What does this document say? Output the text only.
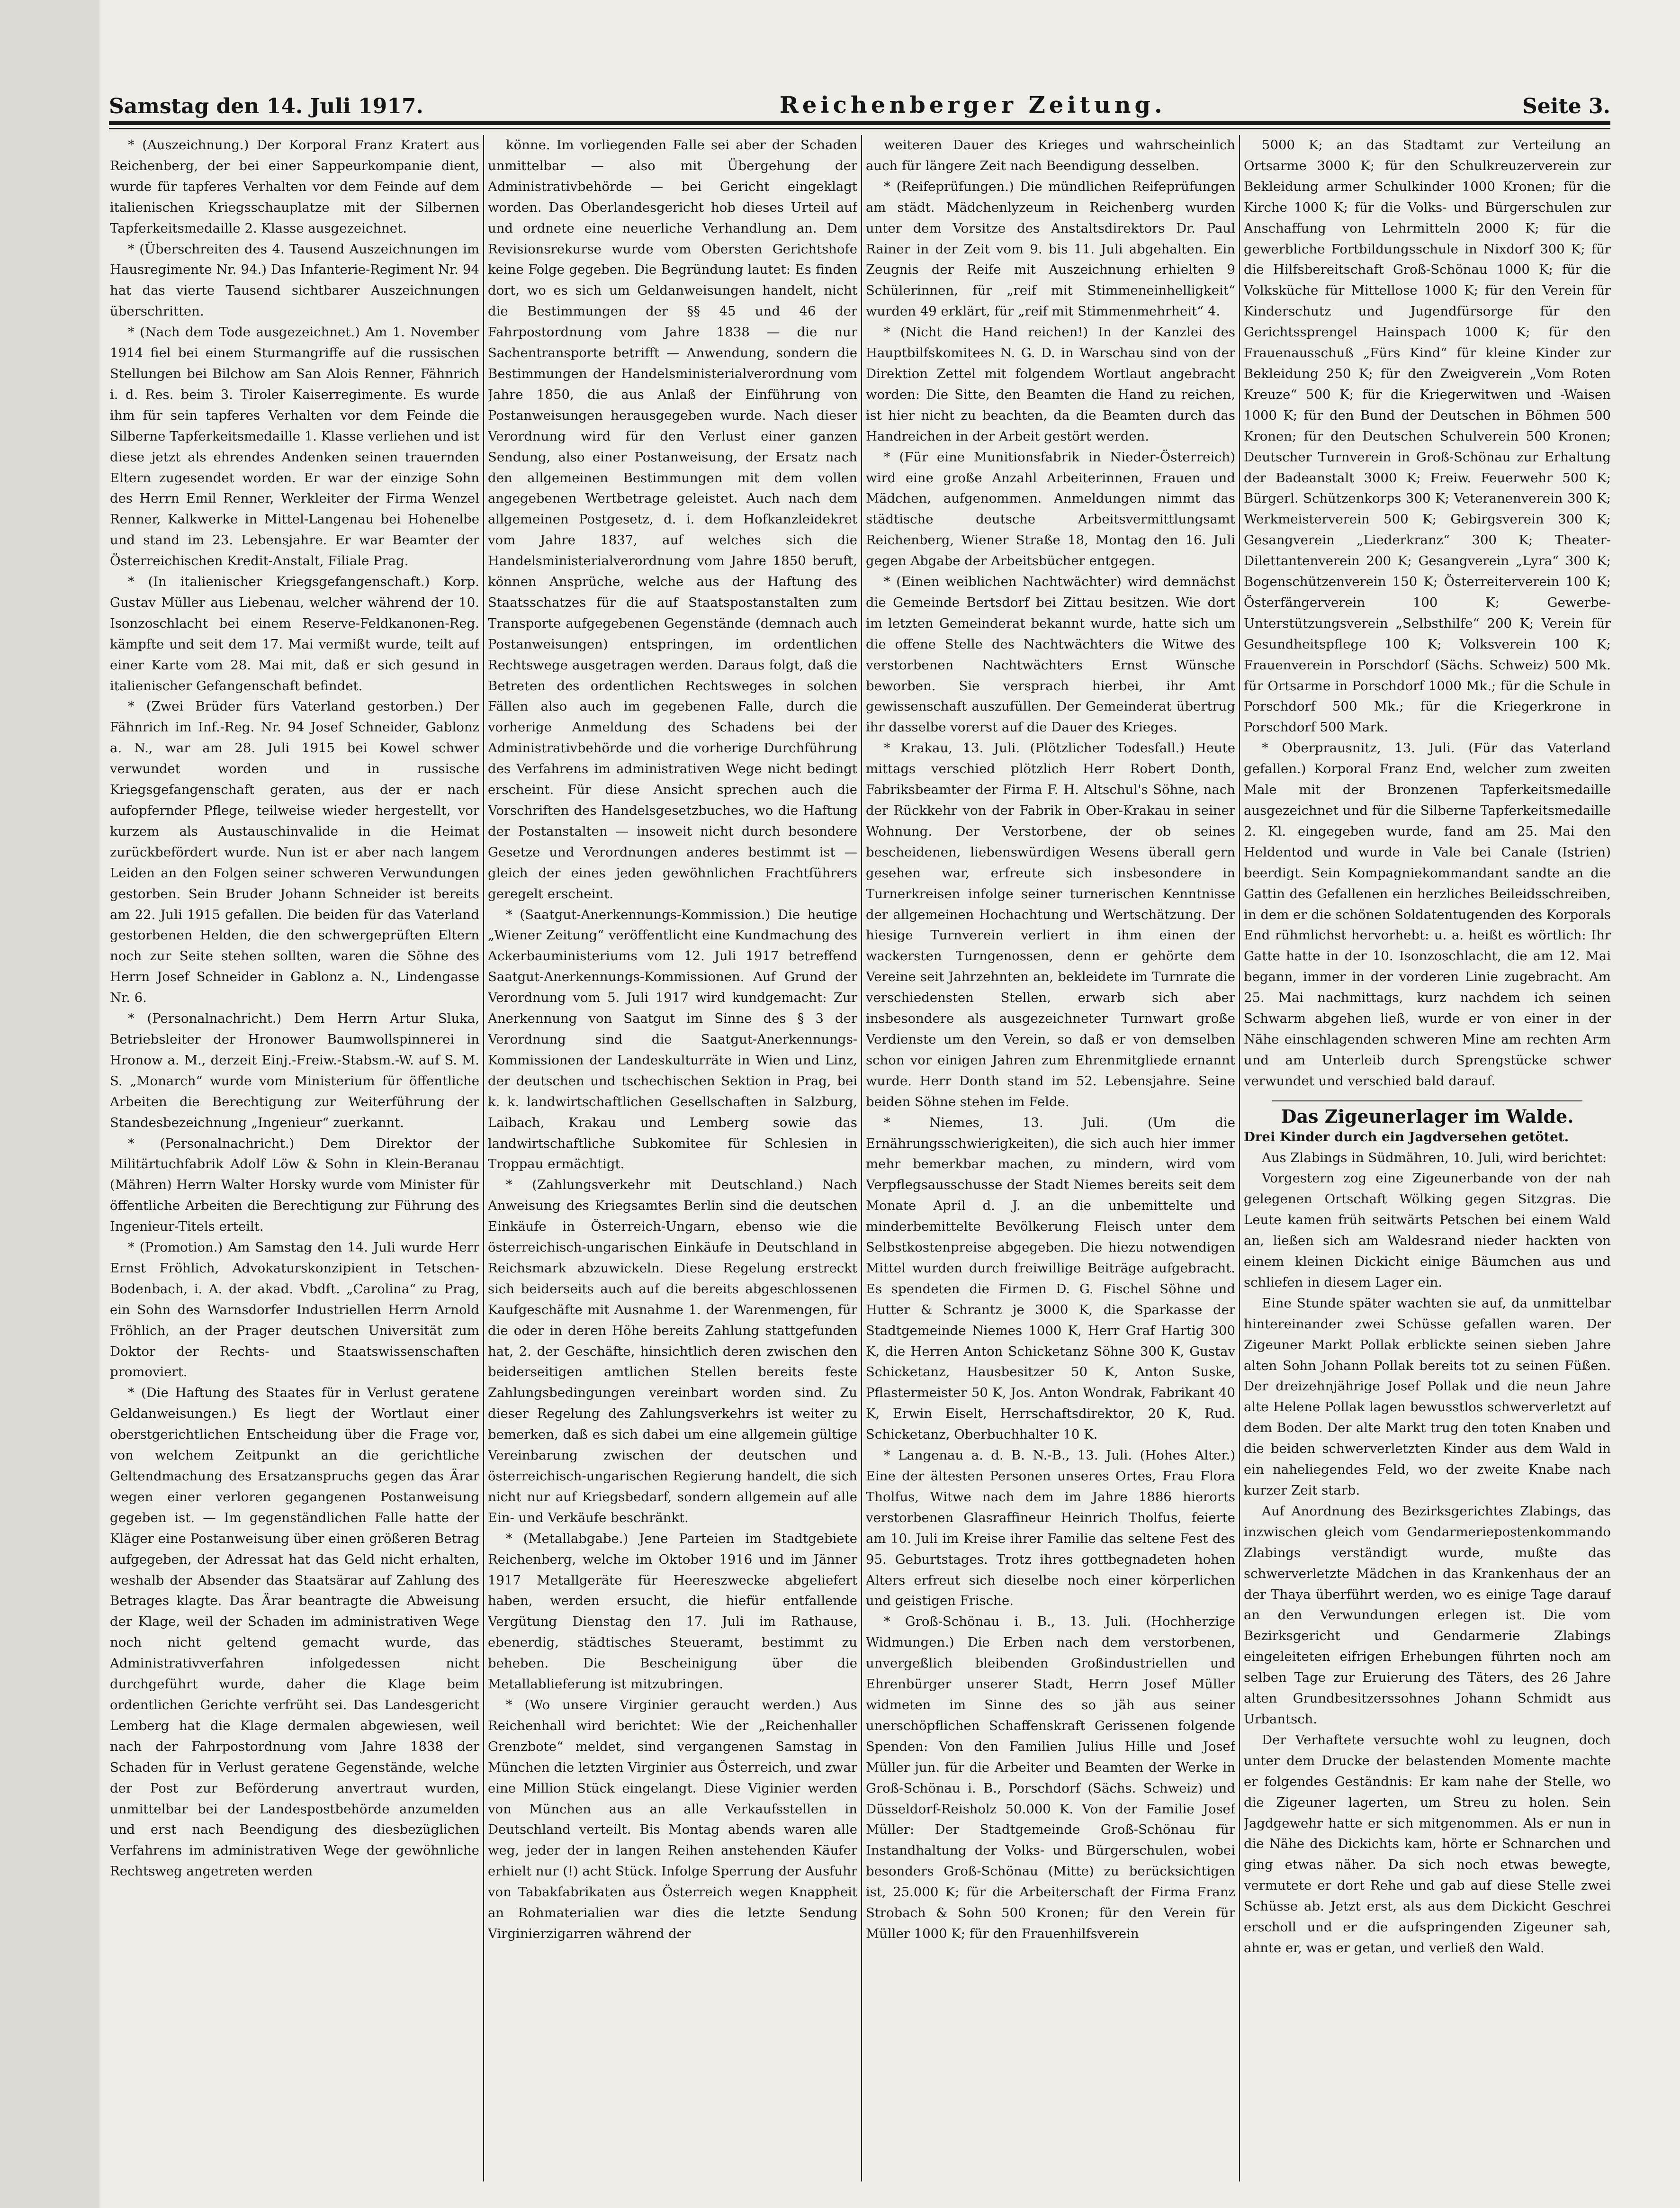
Samstag den 14. Juli 1917.	Reichenberger Zeitung.	Seite 3.

* (Auszeichnung.) Der Korporal Franz Kratert aus Reichenberg, der bei einer Sappeurkompanie dient, wurde für tapferes Verhalten vor dem Feinde auf dem italienischen Kriegsschauplatze mit der Silbernen Tapferkeitsmedaille 2. Klasse ausgezeichnet.

* (Überschreiten des 4. Tausend Auszeichnungen im Hausregimente Nr. 94.) Das Infanterie-Regiment Nr. 94 hat das vierte Tausend sichtbarer Auszeichnungen überschritten.

* (Nach dem Tode ausgezeichnet.) Am 1. November 1914 fiel bei einem Sturmangriffe auf die russischen Stellungen bei Bilchow am San Alois Renner, Fähnrich i. d. Res. beim 3. Tiroler Kaiserregimente. Es wurde ihm für sein tapferes Verhalten vor dem Feinde die Silberne Tapferkeitsmedaille 1. Klasse verliehen und ist diese jetzt als ehrendes Andenken seinen trauernden Eltern zugesendet worden. Er war der einzige Sohn des Herrn Emil Renner, Werkleiter der Firma Wenzel Renner, Kalkwerke in Mittel-Langenau bei Hohenelbe und stand im 23. Lebensjahre. Er war Beamter der Österreichischen Kredit-Anstalt, Filiale Prag.

* (In italienischer Kriegsgefangenschaft.) Korp. Gustav Müller aus Liebenau, welcher während der 10. Isonzoschlacht bei einem Reserve-Feldkanonen-Reg. kämpfte und seit dem 17. Mai vermißt wurde, teilt auf einer Karte vom 28. Mai mit, daß er sich gesund in italienischer Gefangenschaft befindet.

* (Zwei Brüder fürs Vaterland gestorben.) Der Fähnrich im Inf.-Reg. Nr. 94 Josef Schneider, Gablonz a. N., war am 28. Juli 1915 bei Kowel schwer verwundet worden und in russische Kriegsgefangenschaft geraten, aus der er nach aufopfernder Pflege, teilweise wieder hergestellt, vor kurzem als Austauschinvalide in die Heimat zurückbefördert wurde. Nun ist er aber nach langem Leiden an den Folgen seiner schweren Verwundungen gestorben. Sein Bruder Johann Schneider ist bereits am 22. Juli 1915 gefallen. Die beiden für das Vaterland gestorbenen Helden, die den schwergeprüften Eltern noch zur Seite stehen sollten, waren die Söhne des Herrn Josef Schneider in Gablonz a. N., Lindengasse Nr. 6.

* (Personalnachricht.) Dem Herrn Artur Sluka, Betriebsleiter der Hronower Baumwollspinnerei in Hronow a. M., derzeit Einj.-Freiw.-Stabsm.-W. auf S. M. S. „Monarch“ wurde vom Ministerium für öffentliche Arbeiten die Berechtigung zur Weiterführung der Standesbezeichnung „Ingenieur“ zuerkannt.

* (Personalnachricht.) Dem Direktor der Militärtuchfabrik Adolf Löw & Sohn in Klein-Beranau (Mähren) Herrn Walter Horsky wurde vom Minister für öffentliche Arbeiten die Berechtigung zur Führung des Ingenieur-Titels erteilt.

* (Promotion.) Am Samstag den 14. Juli wurde Herr Ernst Fröhlich, Advokaturskonzipient in Tetschen-Bodenbach, i. A. der akad. Vbdft. „Carolina“ zu Prag, ein Sohn des Warnsdorfer Industriellen Herrn Arnold Fröhlich, an der Prager deutschen Universität zum Doktor der Rechts- und Staatswissenschaften promoviert.

* (Die Haftung des Staates für in Verlust geratene Geldanweisungen.) Es liegt der Wortlaut einer oberstgerichtlichen Entscheidung über die Frage vor, von welchem Zeitpunkt an die gerichtliche Geltendmachung des Ersatzanspruchs gegen das Ärar wegen einer verloren gegangenen Postanweisung gegeben ist. — Im gegenständlichen Falle hatte der Kläger eine Postanweisung über einen größeren Betrag aufgegeben, der Adressat hat das Geld nicht erhalten, weshalb der Absender das Staatsärar auf Zahlung des Betrages klagte. Das Ärar beantragte die Abweisung der Klage, weil der Schaden im administrativen Wege noch nicht geltend gemacht wurde, das Administrativverfahren infolgedessen nicht durchgeführt wurde, daher die Klage beim ordentlichen Gerichte verfrüht sei. Das Landesgericht Lemberg hat die Klage dermalen abgewiesen, weil nach der Fahrpostordnung vom Jahre 1838 der Schaden für in Verlust geratene Gegenstände, welche der Post zur Beförderung anvertraut wurden, unmittelbar bei der Landespostbehörde anzumelden und erst nach Beendigung des diesbezüglichen Verfahrens im administrativen Wege der gewöhnliche Rechtsweg angetreten werden

könne. Im vorliegenden Falle sei aber der Schaden unmittelbar — also mit Übergehung der Administrativbehörde — bei Gericht eingeklagt worden. Das Oberlandesgericht hob dieses Urteil auf und ordnete eine neuerliche Verhandlung an. Dem Revisionsrekurse wurde vom Obersten Gerichtshofe keine Folge gegeben. Die Begründung lautet: Es finden dort, wo es sich um Geldanweisungen handelt, nicht die Bestimmungen der §§ 45 und 46 der Fahrpostordnung vom Jahre 1838 — die nur Sachentransporte betrifft — Anwendung, sondern die Bestimmungen der Handelsministerialverordnung vom Jahre 1850, die aus Anlaß der Einführung von Postanweisungen herausgegeben wurde. Nach dieser Verordnung wird für den Verlust einer ganzen Sendung, also einer Postanweisung, der Ersatz nach den allgemeinen Bestimmungen mit dem vollen angegebenen Wertbetrage geleistet. Auch nach dem allgemeinen Postgesetz, d. i. dem Hofkanzleidekret vom Jahre 1837, auf welches sich die Handelsministerialverordnung vom Jahre 1850 beruft, können Ansprüche, welche aus der Haftung des Staatsschatzes für die auf Staatspostanstalten zum Transporte aufgegebenen Gegenstände (demnach auch Postanweisungen) entspringen, im ordentlichen Rechtswege ausgetragen werden. Daraus folgt, daß die Betreten des ordentlichen Rechtsweges in solchen Fällen also auch im gegebenen Falle, durch die vorherige Anmeldung des Schadens bei der Administrativbehörde und die vorherige Durchführung des Verfahrens im administrativen Wege nicht bedingt erscheint. Für diese Ansicht sprechen auch die Vorschriften des Handelsgesetzbuches, wo die Haftung der Postanstalten — insoweit nicht durch besondere Gesetze und Verordnungen anderes bestimmt ist — gleich der eines jeden gewöhnlichen Frachtführers geregelt erscheint.

* (Saatgut-Anerkennungs-Kommission.) Die heutige „Wiener Zeitung“ veröffentlicht eine Kundmachung des Ackerbauministeriums vom 12. Juli 1917 betreffend Saatgut-Anerkennungs-Kommissionen. Auf Grund der Verordnung vom 5. Juli 1917 wird kundgemacht: Zur Anerkennung von Saatgut im Sinne des § 3 der Verordnung sind die Saatgut-Anerkennungs-Kommissionen der Landeskulturräte in Wien und Linz, der deutschen und tschechischen Sektion in Prag, bei k. k. landwirtschaftlichen Gesellschaften in Salzburg, Laibach, Krakau und Lemberg sowie das landwirtschaftliche Subkomitee für Schlesien in Troppau ermächtigt.

* (Zahlungsverkehr mit Deutschland.) Nach Anweisung des Kriegsamtes Berlin sind die deutschen Einkäufe in Österreich-Ungarn, ebenso wie die österreichisch-ungarischen Einkäufe in Deutschland in Reichsmark abzuwickeln. Diese Regelung erstreckt sich beiderseits auch auf die bereits abgeschlossenen Kaufgeschäfte mit Ausnahme 1. der Warenmengen, für die oder in deren Höhe bereits Zahlung stattgefunden hat, 2. der Geschäfte, hinsichtlich deren zwischen den beiderseitigen amtlichen Stellen bereits feste Zahlungsbedingungen vereinbart worden sind. Zu dieser Regelung des Zahlungsverkehrs ist weiter zu bemerken, daß es sich dabei um eine allgemein gültige Vereinbarung zwischen der deutschen und österreichisch-ungarischen Regierung handelt, die sich nicht nur auf Kriegsbedarf, sondern allgemein auf alle Ein- und Verkäufe beschränkt.

* (Metallabgabe.) Jene Parteien im Stadtgebiete Reichenberg, welche im Oktober 1916 und im Jänner 1917 Metallgeräte für Heereszwecke abgeliefert haben, werden ersucht, die hiefür entfallende Vergütung Dienstag den 17. Juli im Rathause, ebenerdig, städtisches Steueramt, bestimmt zu beheben. Die Bescheinigung über die Metallablieferung ist mitzubringen.

* (Wo unsere Virginier geraucht werden.) Aus Reichenhall wird berichtet: Wie der „Reichenhaller Grenzbote“ meldet, sind vergangenen Samstag in München die letzten Virginier aus Österreich, und zwar eine Million Stück eingelangt. Diese Viginier werden von München aus an alle Verkaufsstellen in Deutschland verteilt. Bis Montag abends waren alle weg, jeder der in langen Reihen anstehenden Käufer erhielt nur (!) acht Stück. Infolge Sperrung der Ausfuhr von Tabakfabrikaten aus Österreich wegen Knappheit an Rohmaterialien war dies die letzte Sendung Virginierzigarren während der

weiteren Dauer des Krieges und wahrscheinlich auch für längere Zeit nach Beendigung desselben.

* (Reifeprüfungen.) Die mündlichen Reifeprüfungen am städt. Mädchenlyzeum in Reichenberg wurden unter dem Vorsitze des Anstaltsdirektors Dr. Paul Rainer in der Zeit vom 9. bis 11. Juli abgehalten. Ein Zeugnis der Reife mit Auszeichnung erhielten 9 Schülerinnen, für „reif mit Stimmeneinhelligkeit“ wurden 49 erklärt, für „reif mit Stimmenmehrheit“ 4.

* (Nicht die Hand reichen!) In der Kanzlei des Hauptbilfskomitees N. G. D. in Warschau sind von der Direktion Zettel mit folgendem Wortlaut angebracht worden: Die Sitte, den Beamten die Hand zu reichen, ist hier nicht zu beachten, da die Beamten durch das Handreichen in der Arbeit gestört werden.

* (Für eine Munitionsfabrik in Nieder-Österreich) wird eine große Anzahl Arbeiterinnen, Frauen und Mädchen, aufgenommen. Anmeldungen nimmt das städtische deutsche Arbeitsvermittlungsamt Reichenberg, Wiener Straße 18, Montag den 16. Juli gegen Abgabe der Arbeitsbücher entgegen.

* (Einen weiblichen Nachtwächter) wird demnächst die Gemeinde Bertsdorf bei Zittau besitzen. Wie dort im letzten Gemeinderat bekannt wurde, hatte sich um die offene Stelle des Nachtwächters die Witwe des verstorbenen Nachtwächters Ernst Wünsche beworben. Sie versprach hierbei, ihr Amt gewissenschaft auszufüllen. Der Gemeinderat übertrug ihr dasselbe vorerst auf die Dauer des Krieges.

* Krakau, 13. Juli. (Plötzlicher Todesfall.) Heute mittags verschied plötzlich Herr Robert Donth, Fabriksbeamter der Firma F. H. Altschul's Söhne, nach der Rückkehr von der Fabrik in Ober-Krakau in seiner Wohnung. Der Verstorbene, der ob seines bescheidenen, liebenswürdigen Wesens überall gern gesehen war, erfreute sich insbesondere in Turnerkreisen infolge seiner turnerischen Kenntnisse der allgemeinen Hochachtung und Wertschätzung. Der hiesige Turnverein verliert in ihm einen der wackersten Turngenossen, denn er gehörte dem Vereine seit Jahrzehnten an, bekleidete im Turnrate die verschiedensten Stellen, erwarb sich aber insbesondere als ausgezeichneter Turnwart große Verdienste um den Verein, so daß er von demselben schon vor einigen Jahren zum Ehrenmitgliede ernannt wurde. Herr Donth stand im 52. Lebensjahre. Seine beiden Söhne stehen im Felde.

* Niemes, 13. Juli. (Um die Ernährungsschwierigkeiten), die sich auch hier immer mehr bemerkbar machen, zu mindern, wird vom Verpflegsausschusse der Stadt Niemes bereits seit dem Monate April d. J. an die unbemittelte und minderbemittelte Bevölkerung Fleisch unter dem Selbstkostenpreise abgegeben. Die hiezu notwendigen Mittel wurden durch freiwillige Beiträge aufgebracht. Es spendeten die Firmen D. G. Fischel Söhne und Hutter & Schrantz je 3000 K, die Sparkasse der Stadtgemeinde Niemes 1000 K, Herr Graf Hartig 300 K, die Herren Anton Schicketanz Söhne 300 K, Gustav Schicketanz, Hausbesitzer 50 K, Anton Suske, Pflastermeister 50 K, Jos. Anton Wondrak, Fabrikant 40 K, Erwin Eiselt, Herrschaftsdirektor, 20 K, Rud. Schicketanz, Oberbuchhalter 10 K.

* Langenau a. d. B. N.-B., 13. Juli. (Hohes Alter.) Eine der ältesten Personen unseres Ortes, Frau Flora Tholfus, Witwe nach dem im Jahre 1886 hierorts verstorbenen Glasraffineur Heinrich Tholfus, feierte am 10. Juli im Kreise ihrer Familie das seltene Fest des 95. Geburtstages. Trotz ihres gottbegnadeten hohen Alters erfreut sich dieselbe noch einer körperlichen und geistigen Frische.

* Groß-Schönau i. B., 13. Juli. (Hochherzige Widmungen.) Die Erben nach dem verstorbenen, unvergeßlich bleibenden Großindustriellen und Ehrenbürger unserer Stadt, Herrn Josef Müller widmeten im Sinne des so jäh aus seiner unerschöpflichen Schaffenskraft Gerissenen folgende Spenden: Von den Familien Julius Hille und Josef Müller jun. für die Arbeiter und Beamten der Werke in Groß-Schönau i. B., Porschdorf (Sächs. Schweiz) und Düsseldorf-Reisholz 50.000 K. Von der Familie Josef Müller: Der Stadtgemeinde Groß-Schönau für Instandhaltung der Volks- und Bürgerschulen, wobei besonders Groß-Schönau (Mitte) zu berücksichtigen ist, 25.000 K; für die Arbeiterschaft der Firma Franz Strobach & Sohn 500 Kronen; für den Verein für Müller 1000 K; für den Frauenhilfsverein

5000 K; an das Stadtamt zur Verteilung an Ortsarme 3000 K; für den Schulkreuzerverein zur Bekleidung armer Schulkinder 1000 Kronen; für die Kirche 1000 K; für die Volks- und Bürgerschulen zur Anschaffung von Lehrmitteln 2000 K; für die gewerbliche Fortbildungsschule in Nixdorf 300 K; für die Hilfsbereitschaft Groß-Schönau 1000 K; für die Volksküche für Mittellose 1000 K; für den Verein für Kinderschutz und Jugendfürsorge für den Gerichtssprengel Hainspach 1000 K; für den Frauenausschuß „Fürs Kind“ für kleine Kinder zur Bekleidung 250 K; für den Zweigverein „Vom Roten Kreuze“ 500 K; für die Kriegerwitwen und -Waisen 1000 K; für den Bund der Deutschen in Böhmen 500 Kronen; für den Deutschen Schulverein 500 Kronen; Deutscher Turnverein in Groß-Schönau zur Erhaltung der Badeanstalt 3000 K; Freiw. Feuerwehr 500 K; Bürgerl. Schützenkorps 300 K; Veteranenverein 300 K; Werkmeisterverein 500 K; Gebirgsverein 300 K; Gesangverein „Liederkranz“ 300 K; Theater-Dilettantenverein 200 K; Gesangverein „Lyra“ 300 K; Bogenschützenverein 150 K; Österreiterverein 100 K; Österfängerverein 100 K; Gewerbe-Unterstützungsverein „Selbsthilfe“ 200 K; Verein für Gesundheitspflege 100 K; Volksverein 100 K; Frauenverein in Porschdorf (Sächs. Schweiz) 500 Mk. für Ortsarme in Porschdorf 1000 Mk.; für die Schule in Porschdorf 500 Mk.; für die Kriegerkrone in Porschdorf 500 Mark.

* Oberprausnitz, 13. Juli. (Für das Vaterland gefallen.) Korporal Franz End, welcher zum zweiten Male mit der Bronzenen Tapferkeitsmedaille ausgezeichnet und für die Silberne Tapferkeitsmedaille 2. Kl. eingegeben wurde, fand am 25. Mai den Heldentod und wurde in Vale bei Canale (Istrien) beerdigt. Sein Kompagniekommandant sandte an die Gattin des Gefallenen ein herzliches Beileidsschreiben, in dem er die schönen Soldatentugenden des Korporals End rühmlichst hervorhebt: u. a. heißt es wörtlich: Ihr Gatte hatte in der 10. Isonzoschlacht, die am 12. Mai begann, immer in der vorderen Linie zugebracht. Am 25. Mai nachmittags, kurz nachdem ich seinen Schwarm abgehen ließ, wurde er von einer in der Nähe einschlagenden schweren Mine am rechten Arm und am Unterleib durch Sprengstücke schwer verwundet und verschied bald darauf.

Das Zigeunerlager im Walde.

Drei Kinder durch ein Jagdversehen getötet.

Aus Zlabings in Südmähren, 10. Juli, wird berichtet:

Vorgestern zog eine Zigeunerbande von der nah gelegenen Ortschaft Wölking gegen Sitzgras. Die Leute kamen früh seitwärts Petschen bei einem Wald an, ließen sich am Waldesrand nieder hackten von einem kleinen Dickicht einige Bäumchen aus und schliefen in diesem Lager ein.

Eine Stunde später wachten sie auf, da unmittelbar hintereinander zwei Schüsse gefallen waren. Der Zigeuner Markt Pollak erblickte seinen sieben Jahre alten Sohn Johann Pollak bereits tot zu seinen Füßen. Der dreizehnjährige Josef Pollak und die neun Jahre alte Helene Pollak lagen bewusstlos schwerverletzt auf dem Boden. Der alte Markt trug den toten Knaben und die beiden schwerverletzten Kinder aus dem Wald in ein naheliegendes Feld, wo der zweite Knabe nach kurzer Zeit starb.

Auf Anordnung des Bezirksgerichtes Zlabings, das inzwischen gleich vom Gendarmeriepostenkommando Zlabings verständigt wurde, mußte das schwerverletzte Mädchen in das Krankenhaus der an der Thaya überführt werden, wo es einige Tage darauf an den Verwundungen erlegen ist. Die vom Bezirksgericht und Gendarmerie Zlabings eingeleiteten eifrigen Erhebungen führten noch am selben Tage zur Eruierung des Täters, des 26 Jahre alten Grundbesitzerssohnes Johann Schmidt aus Urbantsch.

Der Verhaftete versuchte wohl zu leugnen, doch unter dem Drucke der belastenden Momente machte er folgendes Geständnis: Er kam nahe der Stelle, wo die Zigeuner lagerten, um Streu zu holen. Sein Jagdgewehr hatte er sich mitgenommen. Als er nun in die Nähe des Dickichts kam, hörte er Schnarchen und ging etwas näher. Da sich noch etwas bewegte, vermutete er dort Rehe und gab auf diese Stelle zwei Schüsse ab. Jetzt erst, als aus dem Dickicht Geschrei erscholl und er die aufspringenden Zigeuner sah, ahnte er, was er getan, und verließ den Wald.
